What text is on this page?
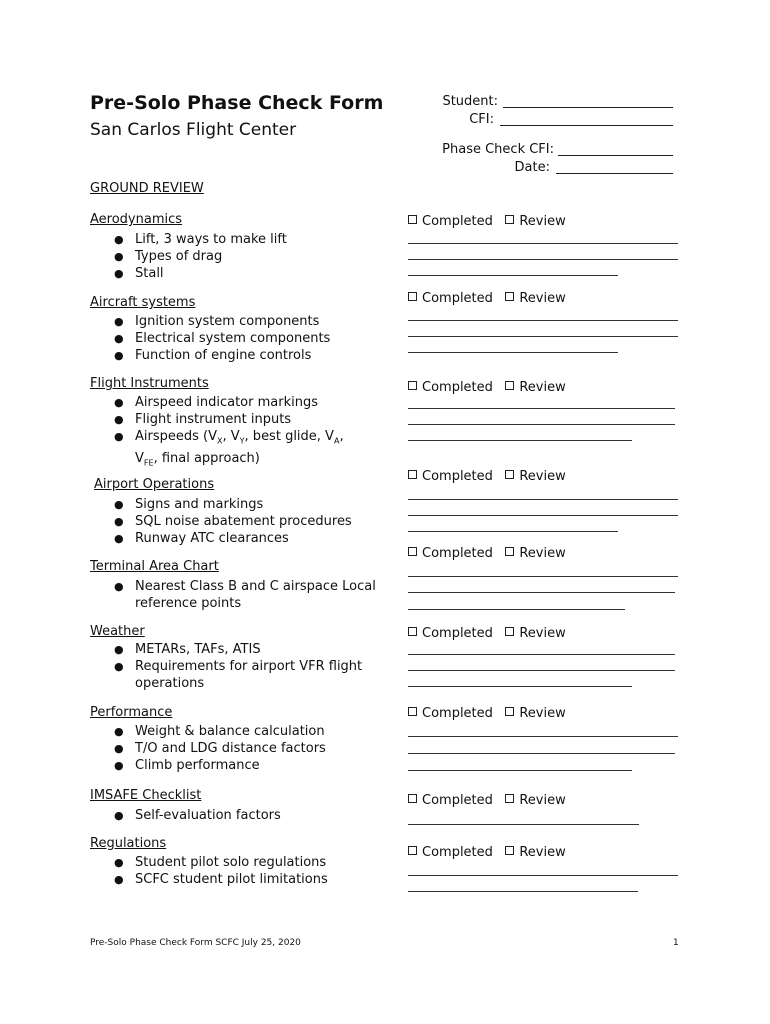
Pre-Solo Phase Check Form
San Carlos Flight Center
Student:
CFI:
Phase Check CFI:
Date:
GROUND REVIEW
Aerodynamics
● Lift, 3 ways to make lift
● Types of drag
● Stall
Completed Review
Aircraft systems
● Ignition system components
● Electrical system components
● Function of engine controls
Completed Review
Flight Instruments
● Airspeed indicator markings
● Flight instrument inputs
● Airspeeds ($V_X$, $V_Y$, best glide, $V_A$,
$V_{FE}$, final approach)
Completed Review
Airport Operations
● Signs and markings
● SQL noise abatement procedures
● Runway ATC clearances
Completed Review
Terminal Area Chart
● Nearest Class B and C airspace Local
reference points
Completed Review
Weather
● METARs, TAFs, ATIS
● Requirements for airport VFR flight
operations
Completed Review
Performance
● Weight & balance calculation
● T/O and LDG distance factors
● Climb performance
Completed Review
IMSAFE Checklist
● Self-evaluation factors
Completed Review
Regulations
● Student pilot solo regulations
● SCFC student pilot limitations
Completed Review
Pre-Solo Phase Check Form SCFC July 25, 2020	1
